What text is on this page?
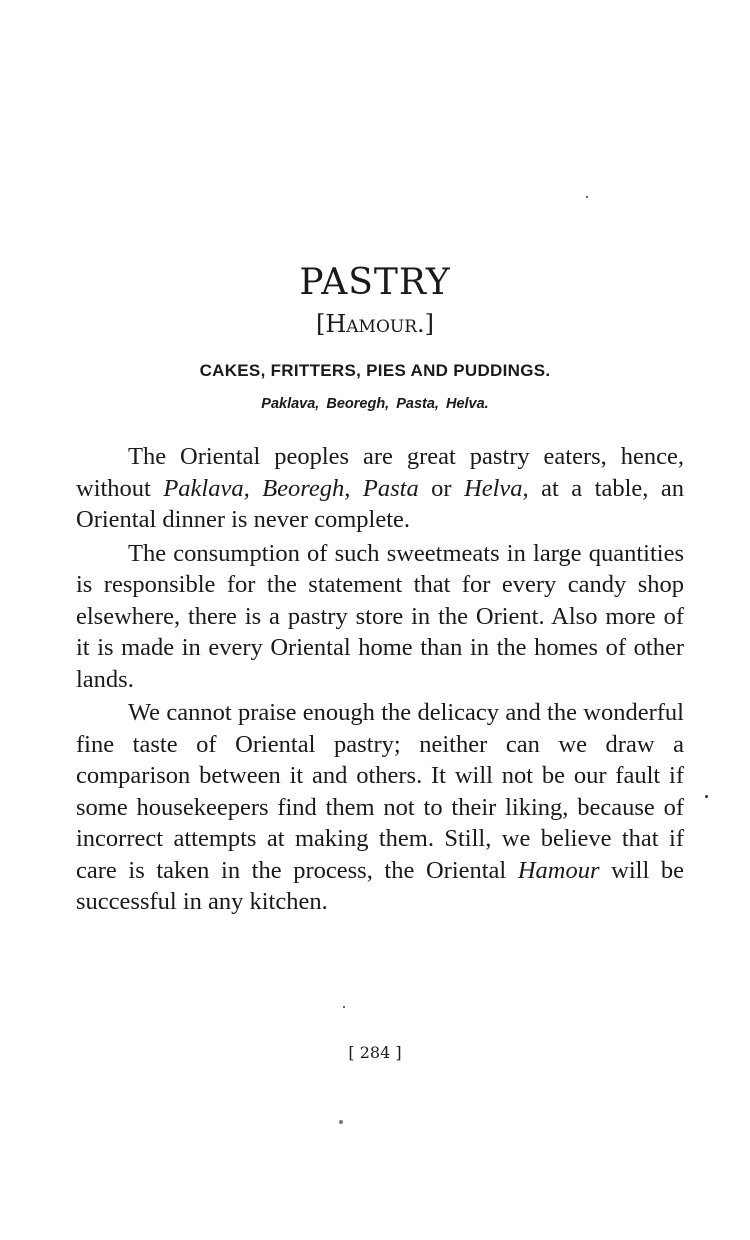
PASTRY
[Hamour.]
CAKES, FRITTERS, PIES AND PUDDINGS.
Paklava, Beoregh, Pasta, Helva.

The Oriental peoples are great pastry eaters, hence, without Paklava, Beoregh, Pasta or Helva, at a table, an Oriental dinner is never complete.

The consumption of such sweetmeats in large quantities is responsible for the statement that for every candy shop elsewhere, there is a pastry store in the Orient. Also more of it is made in every Oriental home than in the homes of other lands.

We cannot praise enough the delicacy and the wonderful fine taste of Oriental pastry; neither can we draw a comparison between it and others. It will not be our fault if some housekeepers find them not to their liking, because of incorrect attempts at making them. Still, we believe that if care is taken in the process, the Oriental Hamour will be successful in any kitchen.

[ 284 ]
